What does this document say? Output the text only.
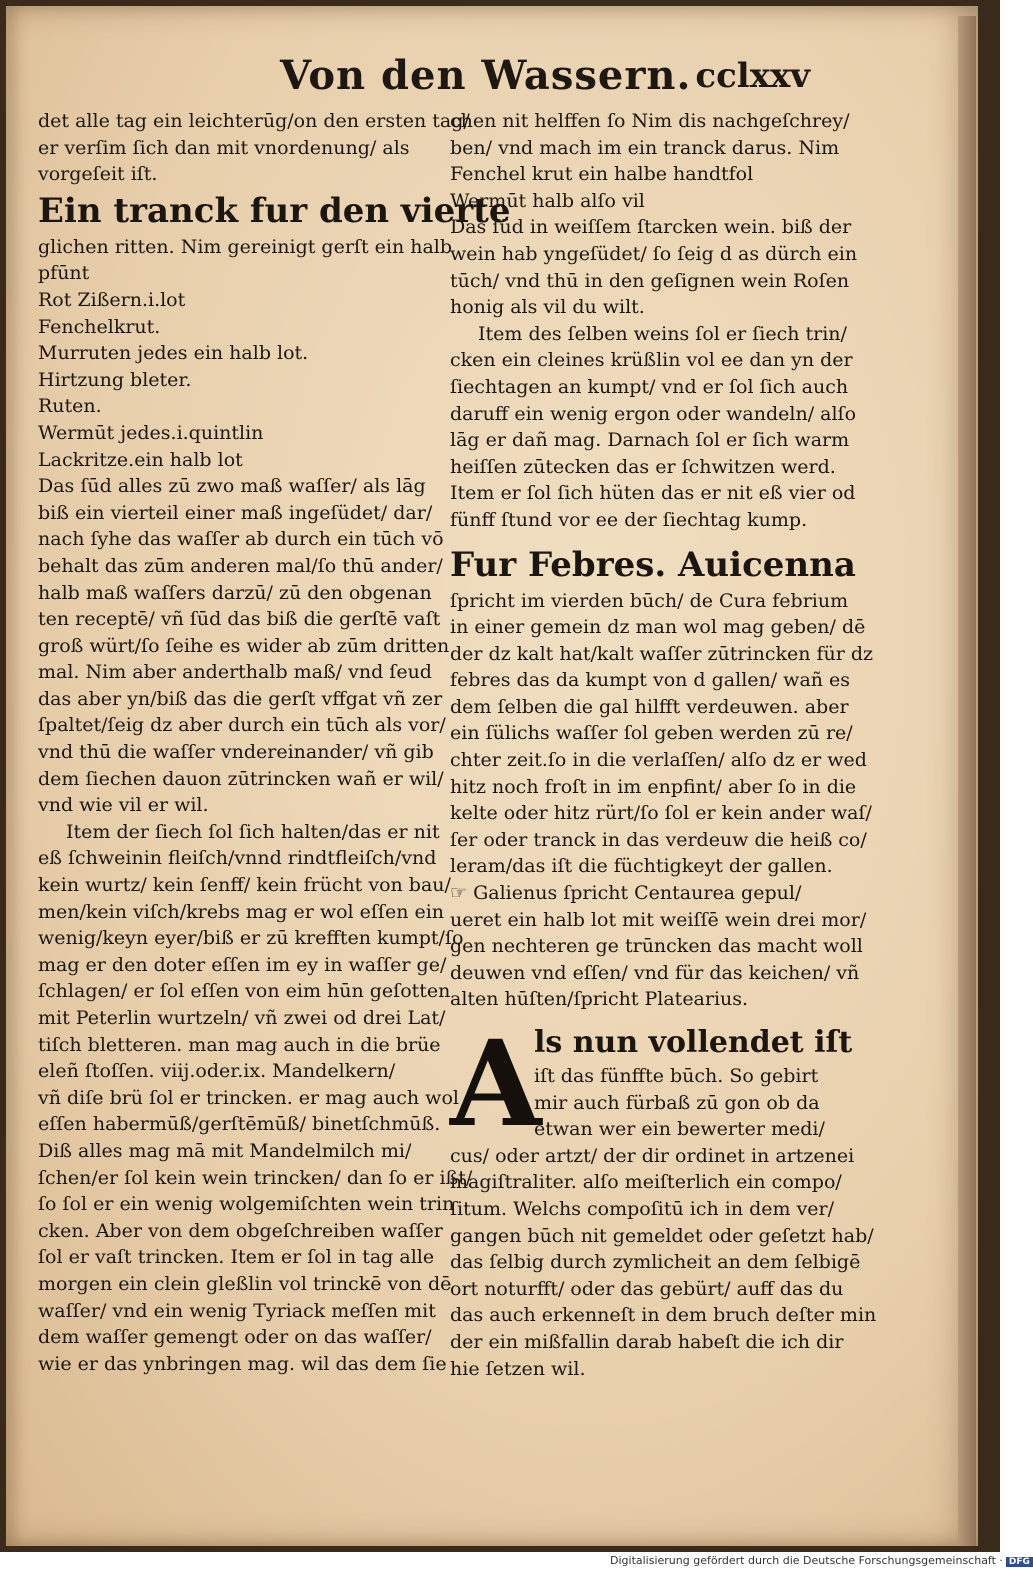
Von den Wassern. cclxxv
det alle tag ein leichterūg/on den ersten tag/
er verſim ſich dan mit vnordenung/ als
vorgeſeit iſt.
Ein tranck fur den vierte
glichen ritten. Nim gereinigt gerſt ein halb
pfūnt
Rot Zißern.i.lot
Fenchelkrut.
Murruten jedes ein halb lot.
Hirtzung bleter.
Ruten.
Wermūt jedes.i.quintlin
Lackritze.ein halb lot
Das ſūd alles zū zwo maß waſſer/ als lāg
biß ein vierteil einer maß ingeſüdet/ dar/
nach ſyhe das waſſer ab durch ein tūch vō
behalt das zūm anderen mal/ſo thū ander/
halb maß waſſers darzū/ zū den obgenan
ten receptē/ vñ ſūd das biß die gerſtē vaſt
groß würt/ſo ſeihe es wider ab zūm dritten
mal. Nim aber anderthalb maß/ vnd ſeud
das aber yn/biß das die gerſt vffgat vñ zer
ſpaltet/ſeig dz aber durch ein tūch als vor/
vnd thū die waſſer vndereinander/ vñ gib
dem ſiechen dauon zūtrincken wañ er wil/
vnd wie vil er wil.
Item der ſiech ſol ſich halten/das er nit
eß ſchweinin fleiſch/vnnd rindtfleiſch/vnd
kein wurtz/ kein ſenff/ kein frücht von bau/
men/kein viſch/krebs mag er wol eſſen ein
wenig/keyn eyer/biß er zū krefften kumpt/ſo
mag er den doter eſſen im ey in waſſer ge/
ſchlagen/ er ſol eſſen von eim hūn geſotten
mit Peterlin wurtzeln/ vñ zwei od drei Lat/
tiſch bletteren. man mag auch in die brüe
eleñ ſtoſſen. viij.oder.ix. Mandelkern/
vñ diſe brü ſol er trincken. er mag auch wol
eſſen habermūß/gerſtēmūß/ binetſchmūß.
Diß alles mag mā mit Mandelmilch mi/
ſchen/er ſol kein wein trincken/ dan ſo er ißt/
ſo ſol er ein wenig wolgemiſchten wein trin
cken. Aber von dem obgeſchreiben waſſer
ſol er vaſt trincken. Item er ſol in tag alle
morgen ein clein gleßlin vol trinckē von dē
waſſer/ vnd ein wenig Tyriack meſſen mit
dem waſſer gemengt oder on das waſſer/
wie er das ynbringen mag. wil das dem ſie
chen nit helffen ſo Nim dis nachgeſchrey/
ben/ vnd mach im ein tranck darus. Nim
Fenchel krut ein halbe handtfol
Wermūt halb alſo vil
Das ſūd in weiſſem ſtarcken wein. biß der
wein hab yngeſüdet/ ſo ſeig d as dürch ein
tūch/ vnd thū in den geſignen wein Roſen
honig als vil du wilt.
Item des ſelben weins ſol er ſiech trin/
cken ein cleines krüßlin vol ee dan yn der
ſiechtagen an kumpt/ vnd er ſol ſich auch
daruff ein wenig ergon oder wandeln/ alſo
lāg er dañ mag. Darnach ſol er ſich warm
heiſſen zūtecken das er ſchwitzen werd.
Item er ſol ſich hüten das er nit eß vier od
fünff ſtund vor ee der ſiechtag kump.
Fur Febres. Auicenna
ſpricht im vierden būch/ de Cura febrium
in einer gemein dz man wol mag geben/ dē
der dz kalt hat/kalt waſſer zūtrincken für dz
febres das da kumpt von d gallen/ wañ es
dem ſelben die gal hilfft verdeuwen. aber
ein ſülichs waſſer ſol geben werden zū re/
chter zeit.ſo in die verlaſſen/ alſo dz er wed
hitz noch froſt in im enpfint/ aber ſo in die
kelte oder hitz rürt/ſo ſol er kein ander waſ/
ſer oder tranck in das verdeuw die heiß co/
leram/das iſt die füchtigkeyt der gallen.
☞ Galienus ſpricht Centaurea gepul/
ueret ein halb lot mit weiſſē wein drei mor/
gen nechteren ge trūncken das macht woll
deuwen vnd eſſen/ vnd für das keichen/ vñ
alten hūſten/ſpricht Platearius.
A
ls nun vollendet iſt
iſt das fünffte būch. So gebirt
mir auch fürbaß zū gon ob da
etwan wer ein bewerter medi/
cus/ oder artzt/ der dir ordinet in artzenei
magiſtraliter. alſo meiſterlich ein compo/
ſitum. Welchs compoſitū ich in dem ver/
gangen būch nit gemeldet oder geſetzt hab/
das ſelbig durch zymlicheit an dem ſelbigē
ort noturfft/ oder das gebürt/ auff das du
das auch erkenneſt in dem bruch deſter min
der ein mißfallin darab habeſt die ich dir
hie ſetzen wil.
Digitalisierung gefördert durch die Deutsche Forschungsgemeinschaft · DFG
